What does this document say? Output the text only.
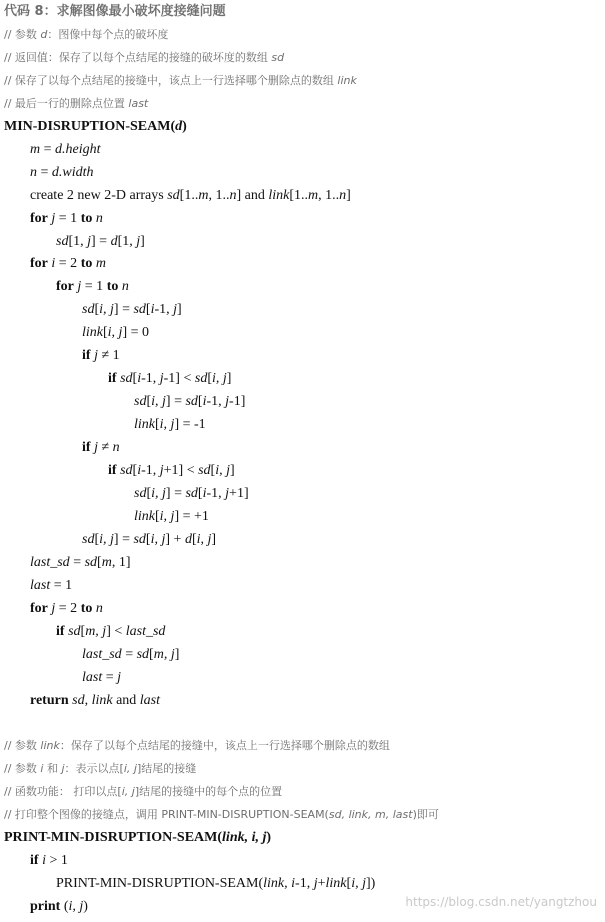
代码 8：求解图像最小破坏度接缝问题
// 参数 d：图像中每个点的破坏度
// 返回值：保存了以每个点结尾的接缝的破坏度的数组 sd
// 保存了以每个点结尾的接缝中，该点上一行选择哪个删除点的数组 link
// 最后一行的删除点位置 last
MIN-DISRUPTION-SEAM(d)
m = d.height
n = d.width
create 2 new 2-D arrays sd[1..m, 1..n] and link[1..m, 1..n]
for j = 1 to n
sd[1, j] = d[1, j]
for i = 2 to m
for j = 1 to n
sd[i, j] = sd[i-1, j]
link[i, j] = 0
if j ≠ 1
if sd[i-1, j-1] < sd[i, j]
sd[i, j] = sd[i-1, j-1]
link[i, j] = -1
if j ≠ n
if sd[i-1, j+1] < sd[i, j]
sd[i, j] = sd[i-1, j+1]
link[i, j] = +1
sd[i, j] = sd[i, j] + d[i, j]
last_sd = sd[m, 1]
last = 1
for j = 2 to n
if sd[m, j] < last_sd
last_sd = sd[m, j]
last = j
return sd, link and last
// 参数 link：保存了以每个点结尾的接缝中，该点上一行选择哪个删除点的数组
// 参数 i 和 j：表示以点[i, j]结尾的接缝
// 函数功能： 打印以点[i, j]结尾的接缝中的每个点的位置
// 打印整个图像的接缝点，调用 PRINT-MIN-DISRUPTION-SEAM(sd, link, m, last)即可
PRINT-MIN-DISRUPTION-SEAM(link, i, j)
if i > 1
PRINT-MIN-DISRUPTION-SEAM(link, i-1, j+link[i, j])
print (i, j)	https://blog.csdn.net/yangtzhou
